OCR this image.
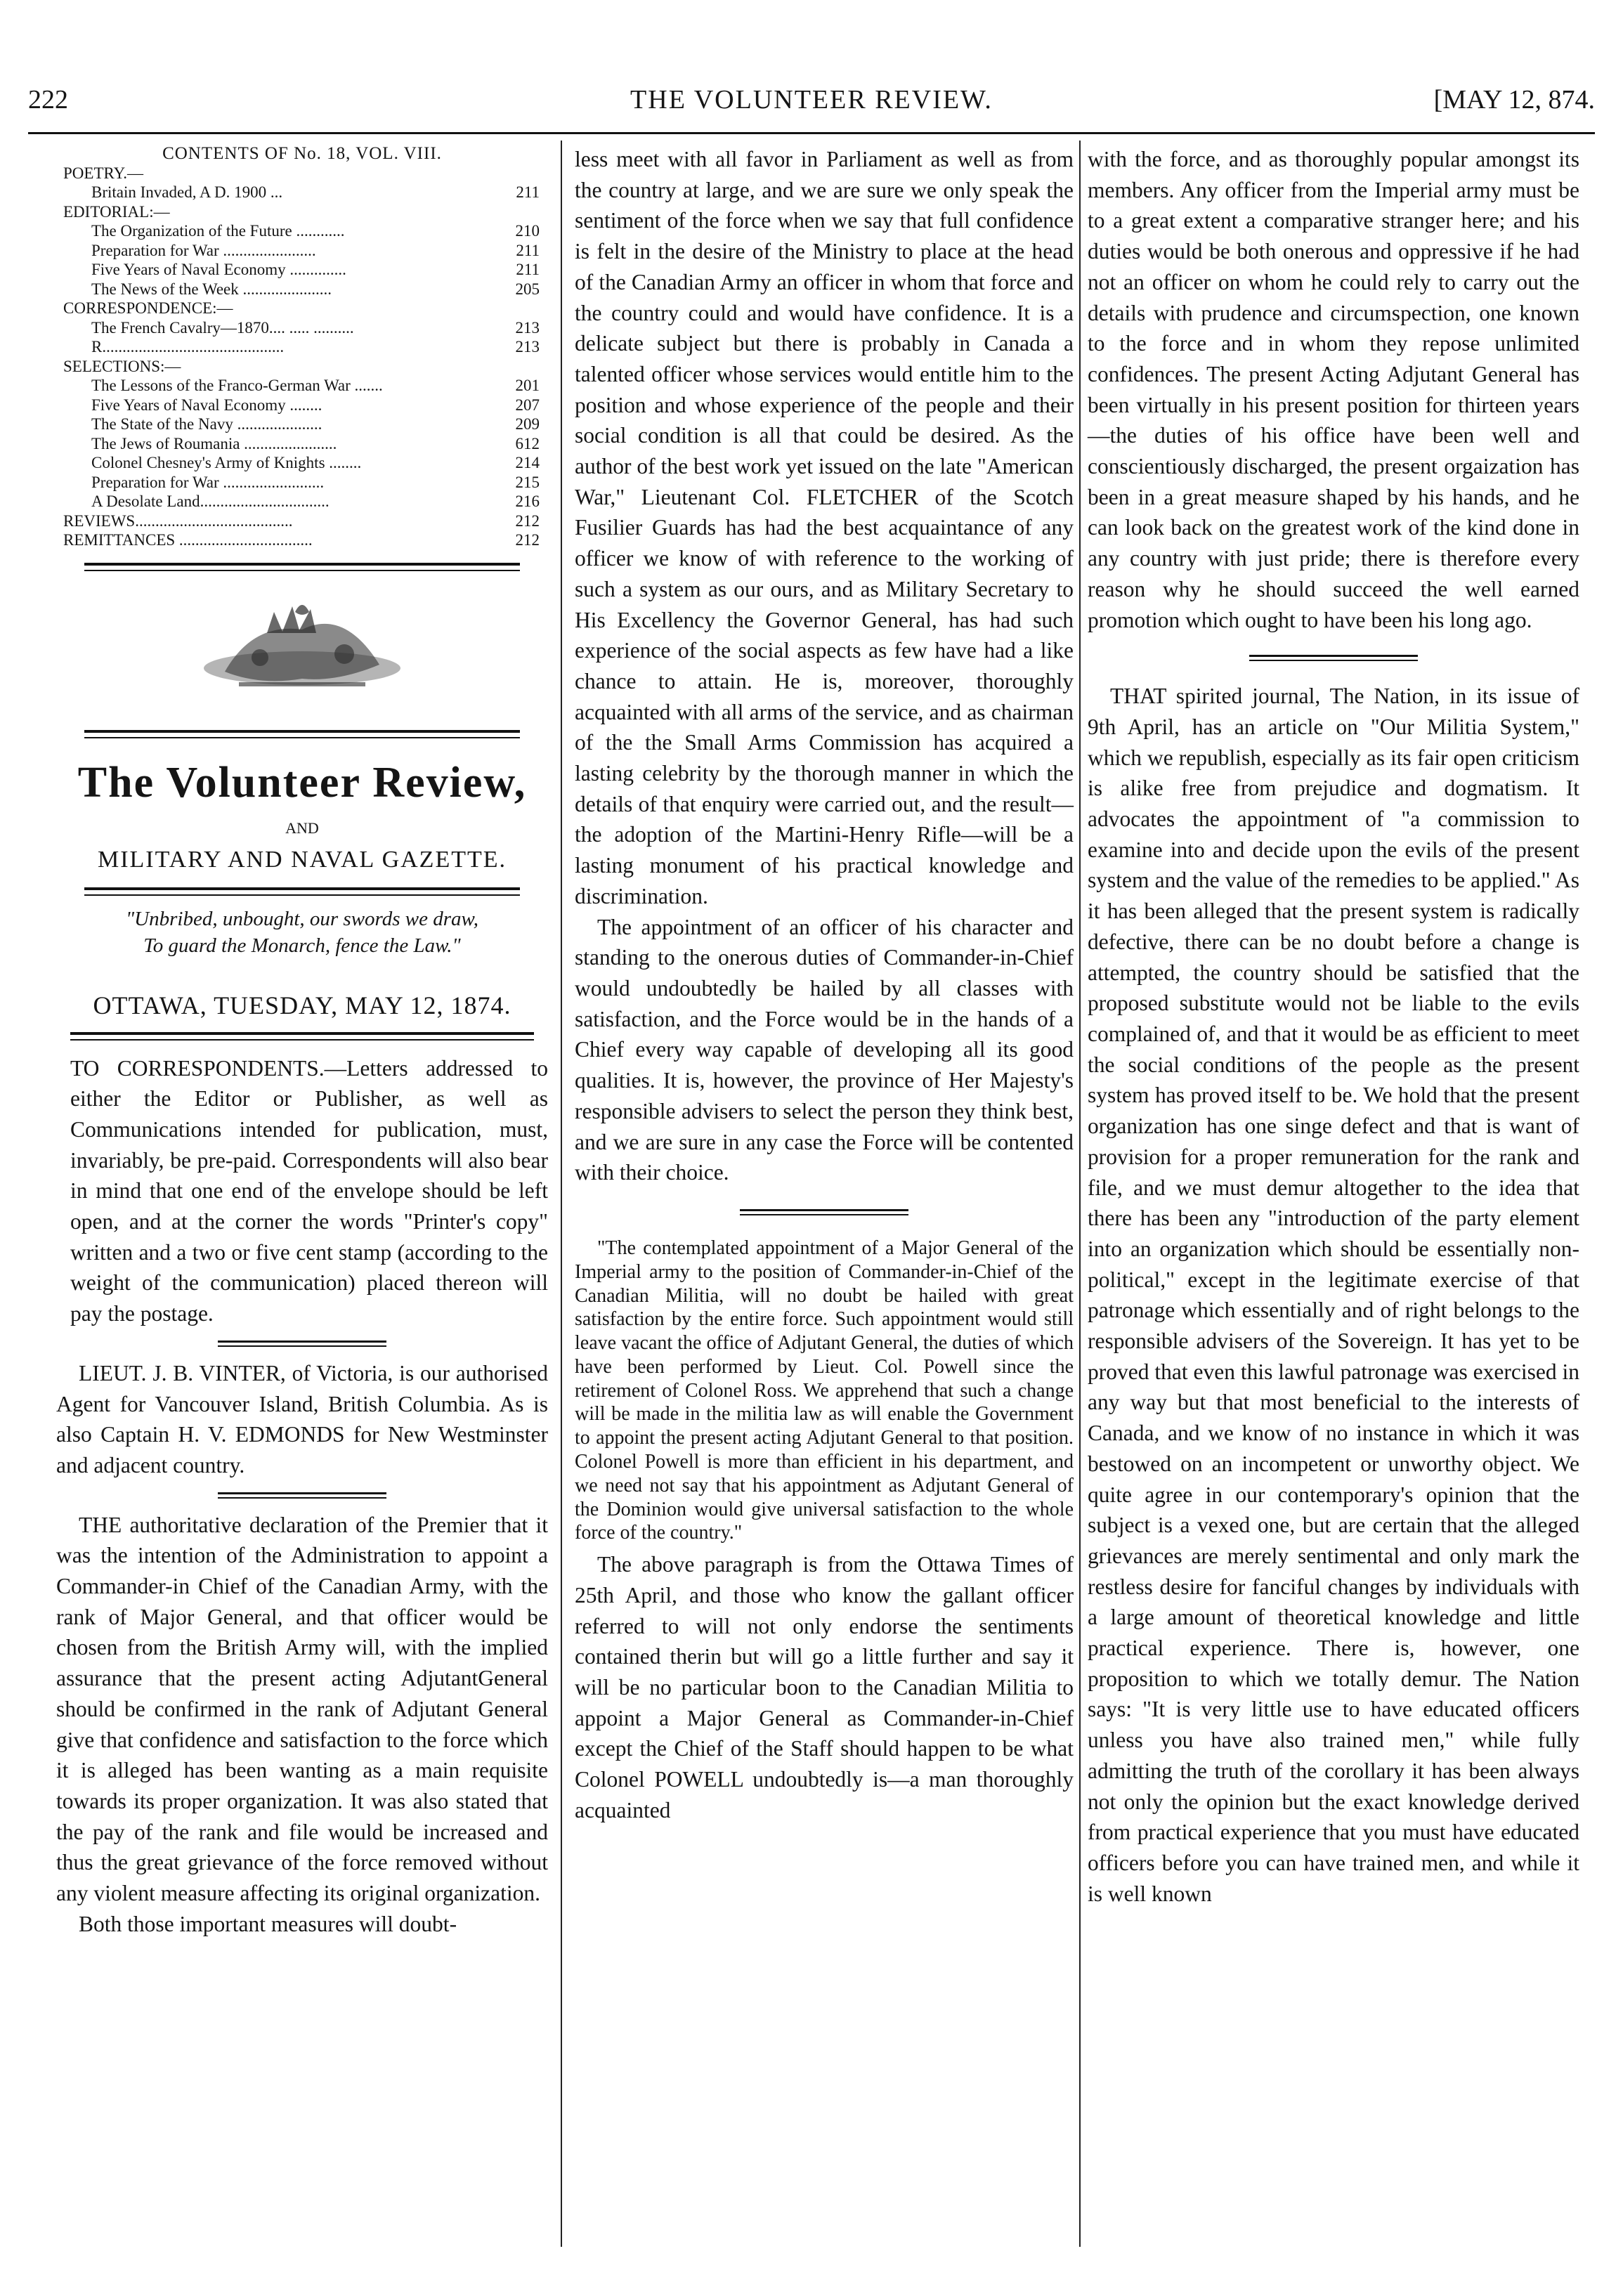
222	THE VOLUNTEER REVIEW.	[MAY 12, 874.
CONTENTS OF No. 18, VOL. VIII.
POETRY.—
Britain Invaded, A D. 1900 ...	211
EDITORIAL:—
The Organization of the Future ............	210
Preparation for War .......................	211
Five Years of Naval Economy ..............	211
The News of the Week ......................	205
CORRESPONDENCE:—
The French Cavalry—1870.... ..... ..........	213
R.............................................	213
SELECTIONS:—
The Lessons of the Franco-German War .......	201
Five Years of Naval Economy ........	207
The State of the Navy .....................	209
The Jews of Roumania .......................	612
Colonel Chesney's Army of Knights ........	214
Preparation for War .........................	215
A Desolate Land................................	216
REVIEWS.......................................	212
REMITTANCES .................................	212
The Volunteer Review,
AND
MILITARY AND NAVAL GAZETTE.
"Unbribed, unbought, our swords we draw,
To guard the Monarch, fence the Law."
OTTAWA, TUESDAY, MAY 12, 1874.

TO CORRESPONDENTS.—Letters addressed to either the Editor or Publisher, as well as Communications intended for publication, must, invariably, be pre-paid. Correspondents will also bear in mind that one end of the envelope should be left open, and at the corner the words "Printer's copy" written and a two or five cent stamp (according to the weight of the communication) placed thereon will pay the postage.

LIEUT. J. B. VINTER, of Victoria, is our authorised Agent for Vancouver Island, British Columbia. As is also Captain H. V. EDMONDS for New Westminster and adjacent country.

THE authoritative declaration of the Premier that it was the intention of the Administration to appoint a Commander-in Chief of the Canadian Army, with the rank of Major General, and that officer would be chosen from the British Army will, with the implied assurance that the present acting AdjutantGeneral should be confirmed in the rank of Adjutant General give that confidence and satisfaction to the force which it is alleged has been wanting as a main requisite towards its proper organization. It was also stated that the pay of the rank and file would be increased and thus the great grievance of the force removed without any violent measure affecting its original organization.

Both those important measures will doubt-

less meet with all favor in Parliament as well as from the country at large, and we are sure we only speak the sentiment of the force when we say that full confidence is felt in the desire of the Ministry to place at the head of the Canadian Army an officer in whom that force and the country could and would have confidence. It is a delicate subject but there is probably in Canada a talented officer whose services would entitle him to the position and whose experience of the people and their social condition is all that could be desired. As the author of the best work yet issued on the late "American War," Lieutenant Col. FLETCHER of the Scotch Fusilier Guards has had the best acquaintance of any officer we know of with reference to the working of such a system as our ours, and as Military Secretary to His Excellency the Governor General, has had such experience of the social aspects as few have had a like chance to attain. He is, moreover, thoroughly acquainted with all arms of the service, and as chairman of the the Small Arms Commission has acquired a lasting celebrity by the thorough manner in which the details of that enquiry were carried out, and the result—the adoption of the Martini-Henry Rifle—will be a lasting monument of his practical knowledge and discrimination.

The appointment of an officer of his character and standing to the onerous duties of Commander-in-Chief would undoubtedly be hailed by all classes with satisfaction, and the Force would be in the hands of a Chief every way capable of developing all its good qualities. It is, however, the province of Her Majesty's responsible advisers to select the person they think best, and we are sure in any case the Force will be contented with their choice.

"The contemplated appointment of a Major General of the Imperial army to the position of Commander-in-Chief of the Canadian Militia, will no doubt be hailed with great satisfaction by the entire force. Such appointment would still leave vacant the office of Adjutant General, the duties of which have been performed by Lieut. Col. Powell since the retirement of Colonel Ross. We apprehend that such a change will be made in the militia law as will enable the Government to appoint the present acting Adjutant General to that position. Colonel Powell is more than efficient in his department, and we need not say that his appointment as Adjutant General of the Dominion would give universal satisfaction to the whole force of the country."

The above paragraph is from the Ottawa Times of 25th April, and those who know the gallant officer referred to will not only endorse the sentiments contained therin but will go a little further and say it will be no particular boon to the Canadian Militia to appoint a Major General as Commander-in-Chief except the Chief of the Staff should happen to be what Colonel POWELL undoubtedly is—a man thoroughly acquainted

with the force, and as thoroughly popular amongst its members. Any officer from the Imperial army must be to a great extent a comparative stranger here; and his duties would be both onerous and oppressive if he had not an officer on whom he could rely to carry out the details with prudence and circumspection, one known to the force and in whom they repose unlimited confidences. The present Acting Adjutant General has been virtually in his present position for thirteen years—the duties of his office have been well and conscientiously discharged, the present orgaization has been in a great measure shaped by his hands, and he can look back on the greatest work of the kind done in any country with just pride; there is therefore every reason why he should succeed the well earned promotion which ought to have been his long ago.

THAT spirited journal, The Nation, in its issue of 9th April, has an article on "Our Militia System," which we republish, especially as its fair open criticism is alike free from prejudice and dogmatism. It advocates the appointment of "a commission to examine into and decide upon the evils of the present system and the value of the remedies to be applied." As it has been alleged that the present system is radically defective, there can be no doubt before a change is attempted, the country should be satisfied that the proposed substitute would not be liable to the evils complained of, and that it would be as efficient to meet the social conditions of the people as the present system has proved itself to be. We hold that the present organization has one singe defect and that is want of provision for a proper remuneration for the rank and file, and we must demur altogether to the idea that there has been any "introduction of the party element into an organization which should be essentially non-political," except in the legitimate exercise of that patronage which essentially and of right belongs to the responsible advisers of the Sovereign. It has yet to be proved that even this lawful patronage was exercised in any way but that most beneficial to the interests of Canada, and we know of no instance in which it was bestowed on an incompetent or unworthy object. We quite agree in our contemporary's opinion that the subject is a vexed one, but are certain that the alleged grievances are merely sentimental and only mark the restless desire for fanciful changes by individuals with a large amount of theoretical knowledge and little practical experience. There is, however, one proposition to which we totally demur. The Nation says: "It is very little use to have educated officers unless you have also trained men," while fully admitting the truth of the corollary it has been always not only the opinion but the exact knowledge derived from practical experience that you must have educated officers before you can have trained men, and while it is well known
